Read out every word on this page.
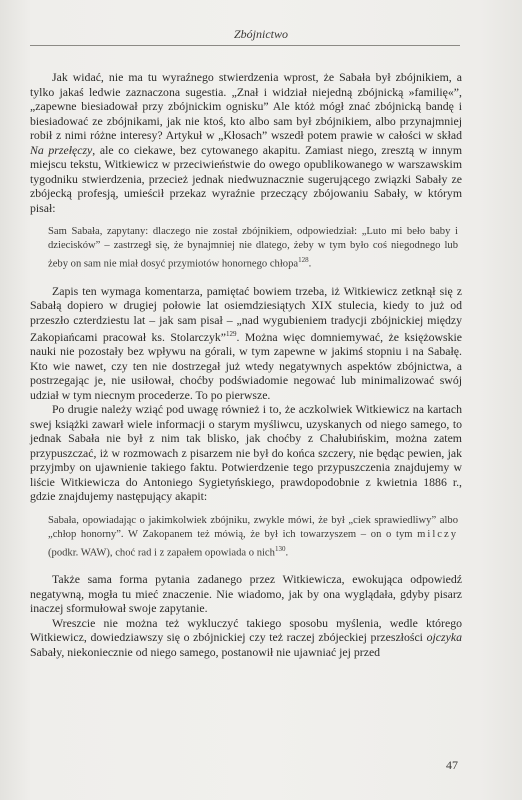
Zbójnictwo

Jak widać, nie ma tu wyraźnego stwierdzenia wprost, że Sabała był zbójnikiem, a tylko jakaś ledwie zaznaczona sugestia. „Znał i widział niejedną zbójnicką »familię«”, „zapewne biesiadował przy zbójnickim ognisku” Ale któż mógł znać zbójnicką bandę i biesiadować ze zbójnikami, jak nie ktoś, kto albo sam był zbójnikiem, albo przynajmniej robił z nimi różne interesy? Artykuł w „Kłosach” wszedł potem prawie w całości w skład Na przełęczy, ale co ciekawe, bez cytowanego akapitu. Zamiast niego, zresztą w innym miejscu tekstu, Witkiewicz w przeciwieństwie do owego opublikowanego w warszawskim tygodniku stwierdzenia, przecież jednak niedwuznacznie sugerującego związki Sabały ze zbójecką profesją, umieścił przekaz wyraźnie przeczący zbójowaniu Sabały, w którym pisał:

Sam Sabała, zapytany: dlaczego nie został zbójnikiem, odpowiedział: „Luto mi beło baby i dziecisków” – zastrzegł się, że bynajmniej nie dlatego, żeby w tym było coś niegodnego lub żeby on sam nie miał dosyć przymiotów honornego chłopa$^{128}$.

Zapis ten wymaga komentarza, pamiętać bowiem trzeba, iż Witkiewicz zetknął się z Sabałą dopiero w drugiej połowie lat osiemdziesiątych XIX stulecia, kiedy to już od przeszło czterdziestu lat – jak sam pisał – „nad wygubieniem tradycji zbójnickiej między Zakopiańcami pracował ks. Stolarczyk”$^{129}$. Można więc domniemywać, że księżowskie nauki nie pozostały bez wpływu na górali, w tym zapewne w jakimś stopniu i na Sabałę. Kto wie nawet, czy ten nie dostrzegał już wtedy negatywnych aspektów zbójnictwa, a postrzegając je, nie usiłował, choćby podświadomie negować lub minimalizować swój udział w tym niecnym procederze. To po pierwsze.

Po drugie należy wziąć pod uwagę również i to, że aczkolwiek Witkiewicz na kartach swej książki zawarł wiele informacji o starym myśliwcu, uzyskanych od niego samego, to jednak Sabała nie był z nim tak blisko, jak choćby z Chałubińskim, można zatem przypuszczać, iż w rozmowach z pisarzem nie był do końca szczery, nie będąc pewien, jak przyjmby on ujawnienie takiego faktu. Potwierdzenie tego przypuszczenia znajdujemy w liście Witkiewicza do Antoniego Sygietyńskiego, prawdopodobnie z kwietnia 1886 r., gdzie znajdujemy następujący akapit:

Sabała, opowiadając o jakimkolwiek zbójniku, zwykle mówi, że był „ciek sprawiedliwy” albo „chłop honorny”. W Zakopanem też mówią, że był ich towarzyszem – on o tym milczy (podkr. WAW), choć rad i z zapałem opowiada o nich$^{130}$.

Także sama forma pytania zadanego przez Witkiewicza, ewokująca odpowiedź negatywną, mogła tu mieć znaczenie. Nie wiadomo, jak by ona wyglądała, gdyby pisarz inaczej sformułował swoje zapytanie.

Wreszcie nie można też wykluczyć takiego sposobu myślenia, wedle którego Witkiewicz, dowiedziawszy się o zbójnickiej czy też raczej zbójeckiej przeszłości ojczyka Sabały, niekoniecznie od niego samego, postanowił nie ujawniać jej przed

47
